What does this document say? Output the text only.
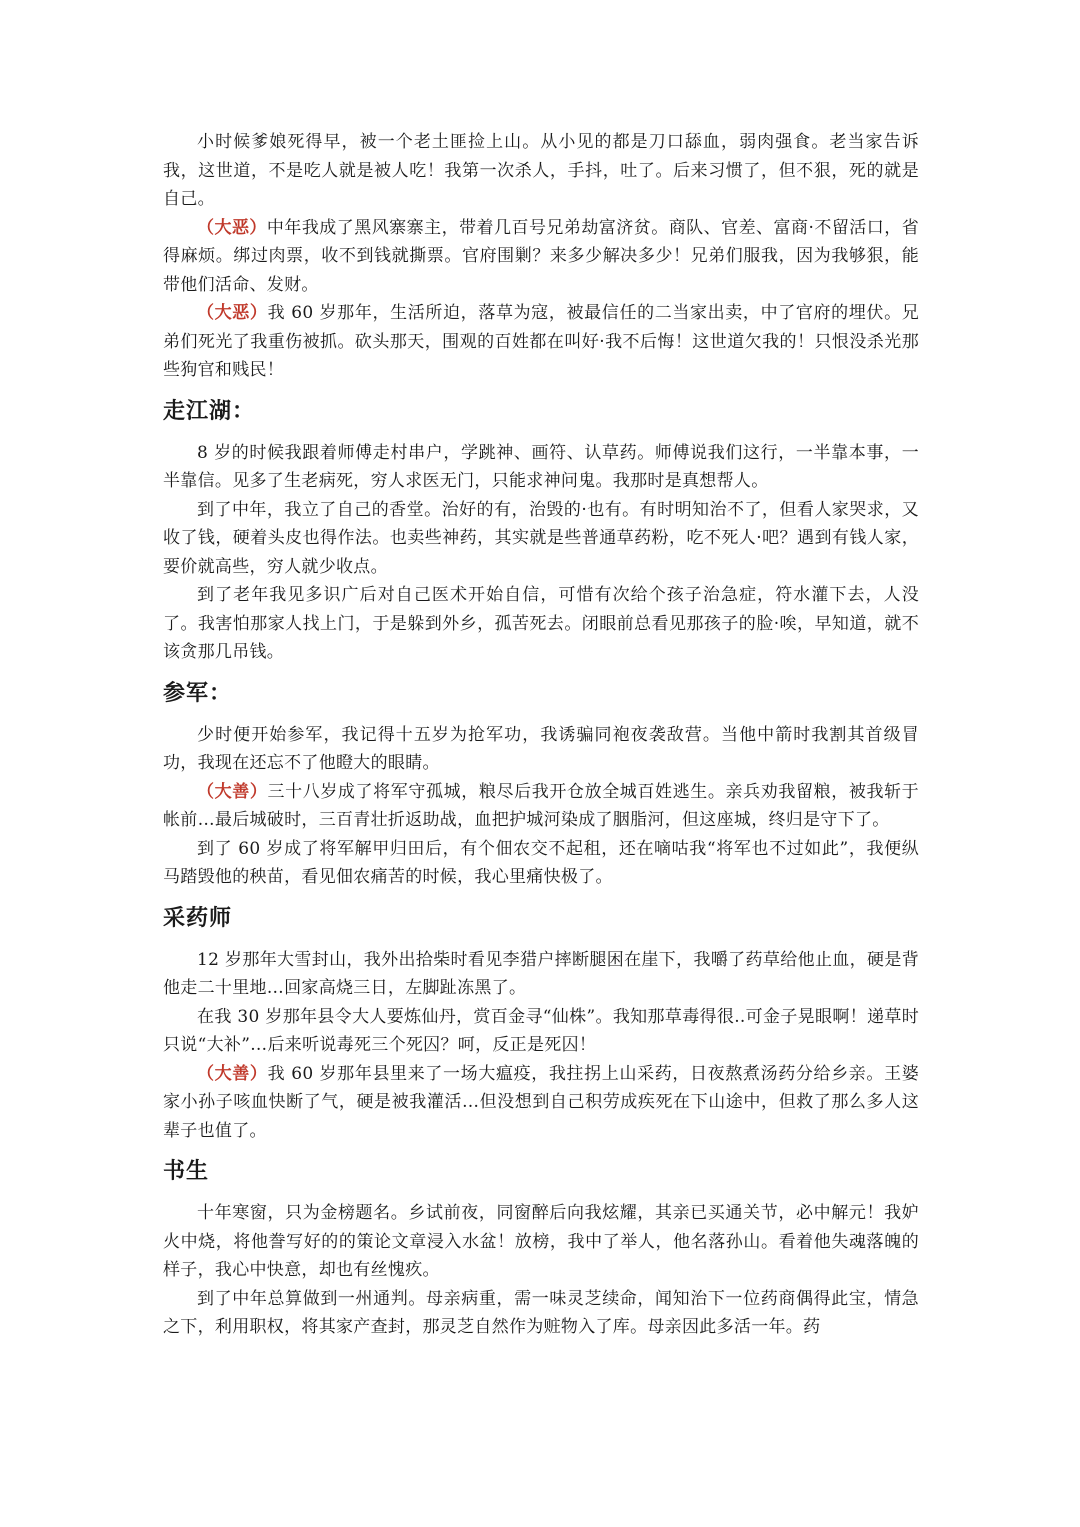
小时候爹娘死得早，被一个老土匪捡上山。从小见的都是刀口舔血，弱肉强食。老当家告诉我，这世道，不是吃人就是被人吃！我第一次杀人，手抖，吐了。后来习惯了，但不狠，死的就是自己。

（大恶）中年我成了黑风寨寨主，带着几百号兄弟劫富济贫。商队、官差、富商·不留活口，省得麻烦。绑过肉票，收不到钱就撕票。官府围剿？来多少解决多少！兄弟们服我，因为我够狠，能带他们活命、发财。

（大恶）我 60 岁那年，生活所迫，落草为寇，被最信任的二当家出卖，中了官府的埋伏。兄弟们死光了我重伤被抓。砍头那天，围观的百姓都在叫好·我不后悔！这世道欠我的！只恨没杀光那些狗官和贱民！

走江湖：

8 岁的时候我跟着师傅走村串户，学跳神、画符、认草药。师傅说我们这行，一半靠本事，一半靠信。见多了生老病死，穷人求医无门，只能求神问鬼。我那时是真想帮人。

到了中年，我立了自己的香堂。治好的有，治毁的·也有。有时明知治不了，但看人家哭求，又收了钱，硬着头皮也得作法。也卖些神药，其实就是些普通草药粉，吃不死人·吧？遇到有钱人家，要价就高些，穷人就少收点。

到了老年我见多识广后对自己医术开始自信，可惜有次给个孩子治急症，符水灌下去，人没了。我害怕那家人找上门，于是躲到外乡，孤苦死去。闭眼前总看见那孩子的脸·唉，早知道，就不该贪那几吊钱。

参军：

少时便开始参军，我记得十五岁为抢军功，我诱骗同袍夜袭敌营。当他中箭时我割其首级冒功，我现在还忘不了他瞪大的眼睛。

（大善）三十八岁成了将军守孤城，粮尽后我开仓放全城百姓逃生。亲兵劝我留粮，被我斩于帐前…最后城破时，三百青壮折返助战，血把护城河染成了胭脂河，但这座城，终归是守下了。

到了 60 岁成了将军解甲归田后，有个佃农交不起租，还在嘀咕我“将军也不过如此”，我便纵马踏毁他的秧苗，看见佃农痛苦的时候，我心里痛快极了。

采药师

12 岁那年大雪封山，我外出拾柴时看见李猎户摔断腿困在崖下，我嚼了药草给他止血，硬是背他走二十里地…回家高烧三日，左脚趾冻黑了。

在我 30 岁那年县令大人要炼仙丹，赏百金寻“仙株”。我知那草毒得很..可金子晃眼啊！递草时只说“大补”…后来听说毒死三个死囚？呵，反正是死囚！

（大善）我 60 岁那年县里来了一场大瘟疫，我拄拐上山采药，日夜熬煮汤药分给乡亲。王婆家小孙子咳血快断了气，硬是被我灌活…但没想到自己积劳成疾死在下山途中，但救了那么多人这辈子也值了。

书生

十年寒窗，只为金榜题名。乡试前夜，同窗醉后向我炫耀，其亲已买通关节，必中解元！我妒火中烧，将他誊写好的的策论文章浸入水盆！放榜，我中了举人，他名落孙山。看着他失魂落魄的样子，我心中快意，却也有丝愧疚。

到了中年总算做到一州通判。母亲病重，需一味灵芝续命，闻知治下一位药商偶得此宝，情急之下，利用职权，将其家产查封，那灵芝自然作为赃物入了库。母亲因此多活一年。药
